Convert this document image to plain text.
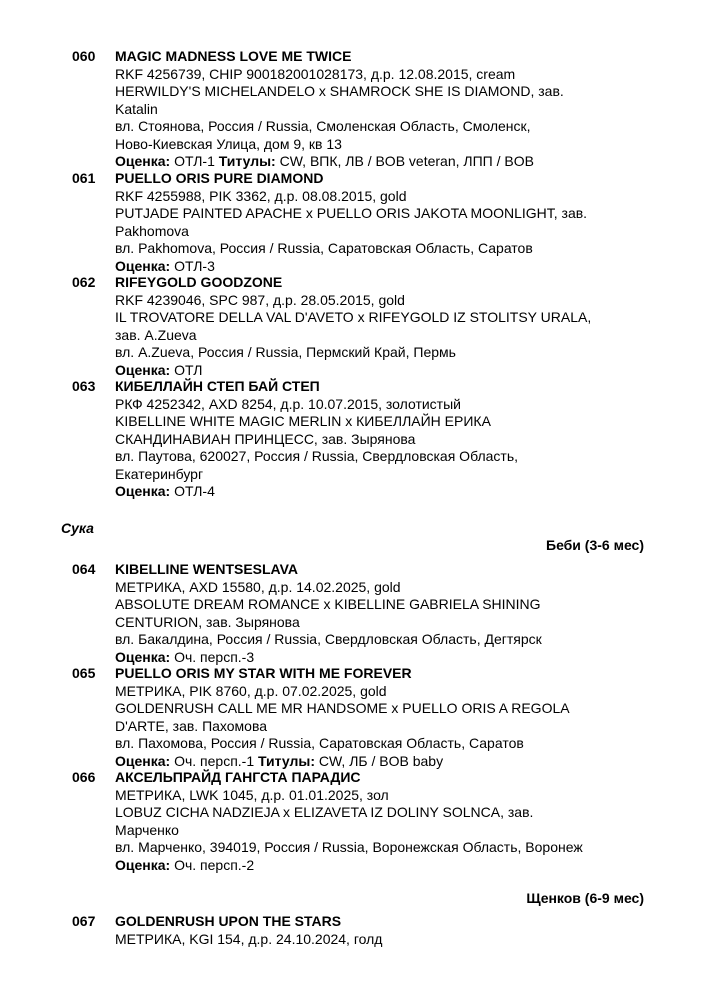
060 MAGIC MADNESS LOVE ME TWICE
RKF 4256739, CHIP 900182001028173, д.р. 12.08.2015, cream
HERWILDY'S MICHELANDELO x SHAMROCK SHE IS DIAMOND, зав.
Katalin
вл. Стоянова, Россия / Russia, Смоленская Область, Смоленск,
Ново-Киевская Улица, дом 9, кв 13
Оценка: ОТЛ-1 Титулы: CW, ВПК, ЛВ / BOB veteran, ЛПП / BOB
061 PUELLO ORIS PURE DIAMOND
RKF 4255988, PIK 3362, д.р. 08.08.2015, gold
PUTJADE PAINTED APACHE x PUELLO ORIS JAKOTA MOONLIGHT, зав.
Pakhomova
вл. Pakhomova, Россия / Russia, Саратовская Область, Саратов
Оценка: ОТЛ-3
062 RIFEYGOLD GOODZONE
RKF 4239046, SPC 987, д.р. 28.05.2015, gold
IL TROVATORE DELLA VAL D'AVETO x RIFEYGOLD IZ STOLITSY URALA,
зав. A.Zueva
вл. A.Zueva, Россия / Russia, Пермский Край, Пермь
Оценка: ОТЛ
063 КИБЕЛЛАЙН СТЕП БАЙ СТЕП
РКФ 4252342, AXD 8254, д.р. 10.07.2015, золотистый
KIBELLINE WHITE MAGIC MERLIN x КИБЕЛЛАЙН ЕРИКА
СКАНДИНАВИАН ПРИНЦЕСС, зав. Зырянова
вл. Паутова, 620027, Россия / Russia, Свердловская Область,
Екатеринбург
Оценка: ОТЛ-4
Сука
Беби (3-6 мес)
064 KIBELLINE WENTSESLAVA
МЕТРИКА, AXD 15580, д.р. 14.02.2025, gold
ABSOLUTE DREAM ROMANCE x KIBELLINE GABRIELA SHINING
CENTURION, зав. Зырянова
вл. Бакалдина, Россия / Russia, Свердловская Область, Дегтярск
Оценка: Оч. персп.-3
065 PUELLO ORIS MY STAR WITH ME FOREVER
МЕТРИКА, PIK 8760, д.р. 07.02.2025, gold
GOLDENRUSH CALL ME MR HANDSOME x PUELLO ORIS A REGOLA
D'ARTE, зав. Пахомова
вл. Пахомова, Россия / Russia, Саратовская Область, Саратов
Оценка: Оч. персп.-1 Титулы: CW, ЛБ / BOB baby
066 АКСЕЛЬПРАЙД ГАНГСТА ПАРАДИС
МЕТРИКА, LWK 1045, д.р. 01.01.2025, зол
LOBUZ CICHA NADZIEJA x ELIZAVETA IZ DOLINY SOLNCA, зав.
Марченко
вл. Марченко, 394019, Россия / Russia, Воронежская Область, Воронеж
Оценка: Оч. персп.-2
Щенков (6-9 мес)
067 GOLDENRUSH UPON THE STARS
МЕТРИКА, KGI 154, д.р. 24.10.2024, голд
